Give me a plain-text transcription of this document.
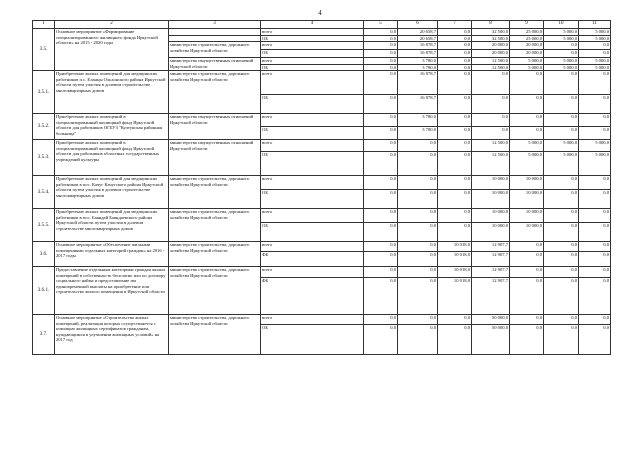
4
1	2	3	4	5	6	7	8	9	10	11
3.5.	Основное мероприятие «Формирование специализированного жилищного фонда Иркутской области» на 2015 - 2020 годы		всего	0,0	20 658,7	0,0	32 500,0	25 000,0	5 000,0	5 000,0
			ОБ	0,0	20 658,7	0,0	32 500,0	25 000,0	5 000,0	5 000,0
		министерство строительства, дорожного хозяйства Иркутской области	всего	0,0	16 878,7	0,0	20 000,0	20 000,0	0,0	0,0
			ОБ	0,0	16 878,7	0,0	20 000,0	20 000,0	0,0	0,0
		министерство имущественных отношений Иркутской области	всего	0,0	3 780,0	0,0	12 500,0	5 000,0	5 000,0	5 000,0
			ОБ	0,0	3 780,0	0,0	12 500,0	5 000,0	5 000,0	5 000,0
3.5.1.	Приобретение жилых помещений для медицинских работников п.с. Еланцы Ольхонского района Иркутской области путем участия в долевом строительстве многоквартирных домов	министерство строительства, дорожного хозяйства Иркутской области	всего	0,0	16 878,7	0,0	0,0	0,0	0,0	0,0
			ОБ	0,0	16 878,7	0,0	0,0	0,0	0,0	0,0
3.5.2.	Приобретение жилых помещений в специализированный жилищный фонд Иркутской области для работников ОГБУЗ "Култукская районная больница"	министерство имущественных отношений Иркутской области	всего	0,0	3 780,0	0,0	0,0	0,0	0,0	0,0
			ОБ	0,0	3 780,0	0,0	0,0	0,0	0,0	0,0
3.5.3.	Приобретение жилых помещений в специализированный жилищный фонд Иркутской области для работников областных государственных учреждений культуры	министерство имущественных отношений Иркутской области	всего	0,0	0,0	0,0	12 500,0	5 000,0	5 000,0	5 000,0
			ОБ	0,0	0,0	0,0	12 500,0	5 000,0	5 000,0	5 000,0
3.5.4.	Приобретение жилых помещений для медицинских работников в пос. Качуг Качугского района Иркутской области путем участия в долевом строительстве многоквартирных домов	министерство строительства, дорожного хозяйства Иркутской области	всего	0,0	0,0	0,0	10 000,0	10 000,0	0,0	0,0
			ОБ	0,0	0,0	0,0	10 000,0	10 000,0	0,0	0,0
3.5.5.	Приобретение жилых помещений для медицинских работников в пос. Баяндай Баяндаевского района Иркутской области путем участия в долевом строительстве многоквартирных домов	министерство строительства, дорожного хозяйства Иркутской области	всего	0,0	0,0	0,0	10 000,0	10 000,0	0,0	0,0
			ОБ	0,0	0,0	0,0	10 000,0	10 000,0	0,0	0,0
3.6.	Основное мероприятие «Обеспечение жильыми помещениями отдельных категорий граждан» на 2016 - 2017 годы	министерство строительства, дорожного хозяйства Иркутской области	всего	0,0	0,0	10 018,0	12 907,7	0,0	0,0	0,0
			ФБ	0,0	0,0	10 018,0	12 907,7	0,0	0,0	0,0
3.6.1.	Предоставление отдельным категориям граждан жилых помещений в собственность бесплатно или по договору социального найма и предоставление им единовременной выплаты на приобретение или строительство жилого помещения в Иркутской области	министерство строительства, дорожного хозяйства Иркутской области	всего	0,0	0,0	10 018,0	12 907,7	0,0	0,0	0,0
			ФБ	0,0	0,0	10 018,0	12 907,7	0,0	0,0	0,0
3.7.	Основное мероприятие «Строительство жилых помещений, реализация которых осуществляется с помощью жилищных сертификатов гражданам, нуждающимся в улучшении жилищных условий» на 2017 год	министерство строительства, дорожного хозяйства Иркутской области	всего	0,0	0,0	0,0	50 000,0	0,0	0,0	0,0
			ОБ	0,0	0,0	0,0	50 000,0	0,0	0,0	0,0
